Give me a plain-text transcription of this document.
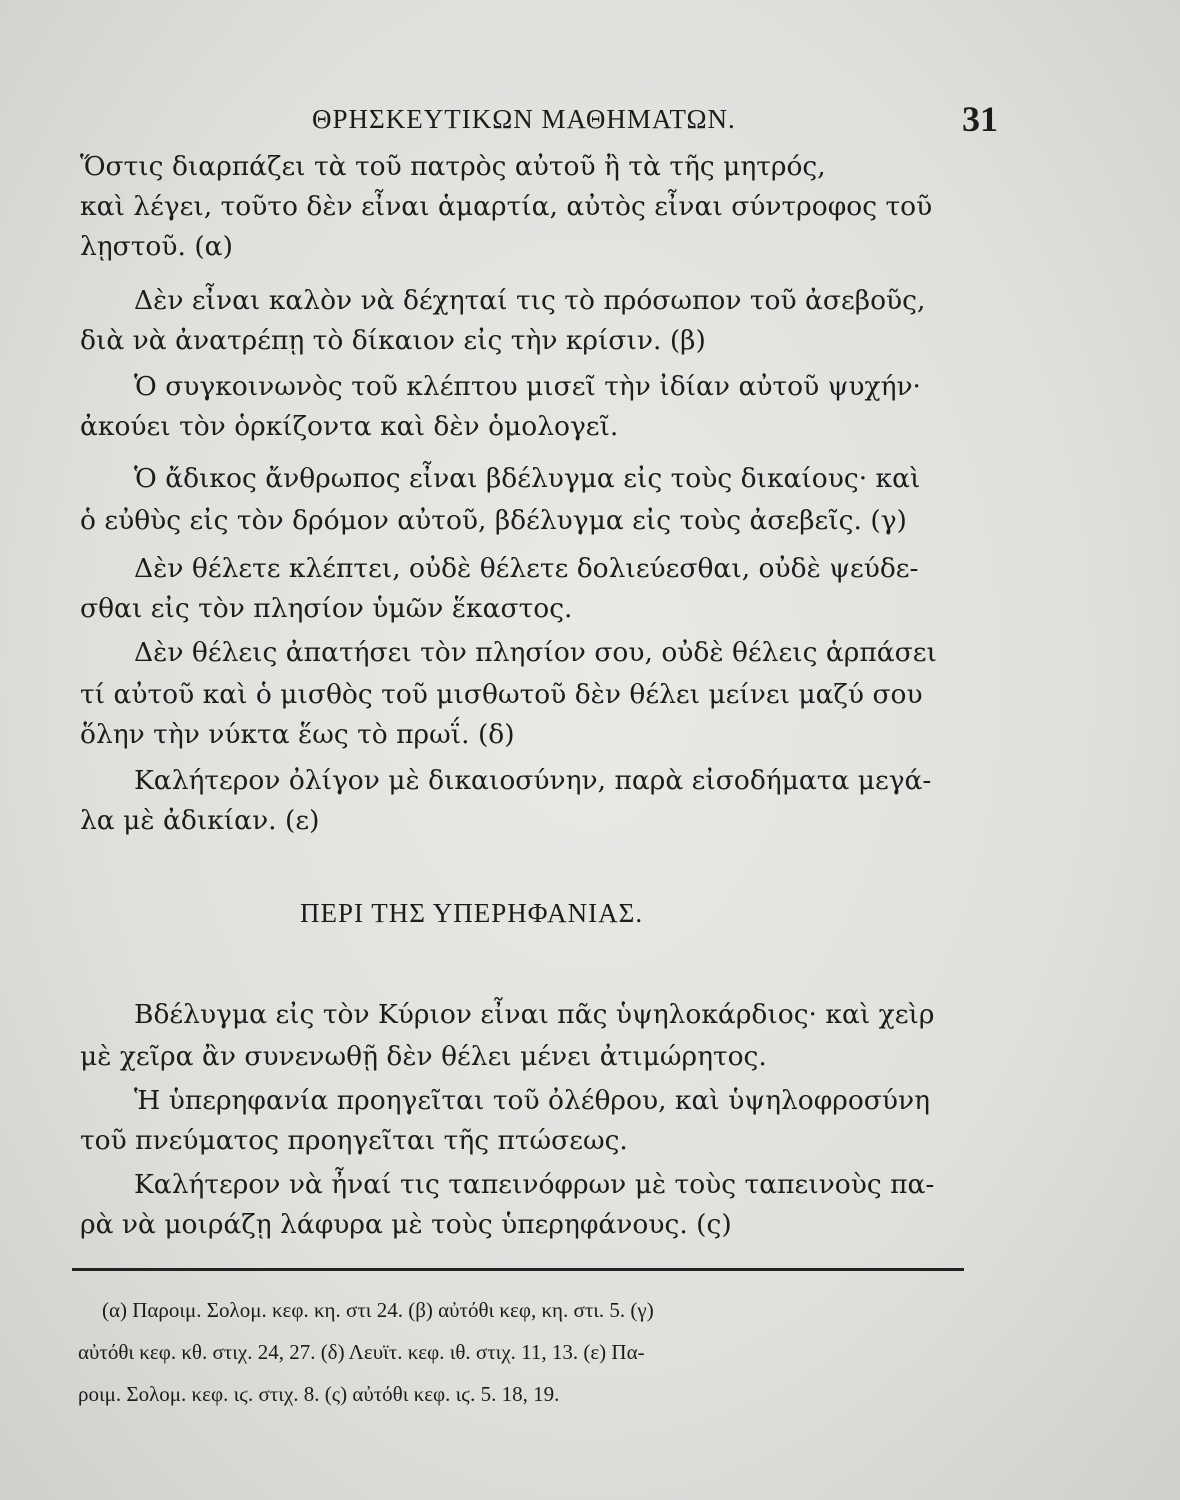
ΘΡΗΣΚΕΥΤΙΚΩΝ ΜΑΘΗΜΑΤΩΝ.	31
Ὅστις διαρπάζει τὰ τοῦ πατρὸς αὐτοῦ ἢ τὰ τῆς μητρός,
καὶ λέγει, τοῦτο δὲν εἶναι ἁμαρτία, αὐτὸς εἶναι σύντροφος τοῦ
λῃστοῦ. (α)
Δὲν εἶναι καλὸν νὰ δέχηταί τις τὸ πρόσωπον τοῦ ἀσεβοῦς,
διὰ νὰ ἀνατρέπῃ τὸ δίκαιον εἰς τὴν κρίσιν. (β)
Ὁ συγκοινωνὸς τοῦ κλέπτου μισεῖ τὴν ἰδίαν αὐτοῦ ψυχήν·
ἀκούει τὸν ὁρκίζοντα καὶ δὲν ὁμολογεῖ.
Ὁ ἄδικος ἄνθρωπος εἶναι βδέλυγμα εἰς τοὺς δικαίους· καὶ
ὁ εὐθὺς εἰς τὸν δρόμον αὐτοῦ, βδέλυγμα εἰς τοὺς ἀσεβεῖς. (γ)
Δὲν θέλετε κλέπτει, οὐδὲ θέλετε δολιεύεσθαι, οὐδὲ ψεύδε-
σθαι εἰς τὸν πλησίον ὑμῶν ἕκαστος.
Δὲν θέλεις ἀπατήσει τὸν πλησίον σου, οὐδὲ θέλεις ἁρπάσει
τί αὐτοῦ καὶ ὁ μισθὸς τοῦ μισθωτοῦ δὲν θέλει μείνει μαζύ σου
ὅλην τὴν νύκτα ἕως τὸ πρωΐ. (δ)
Καλήτερον ὀλίγον μὲ δικαιοσύνην, παρὰ εἰσοδήματα μεγά-
λα μὲ ἀδικίαν. (ε)
ΠΕΡΙ ΤΗΣ ΥΠΕΡΗΦΑΝΙΑΣ.
Βδέλυγμα εἰς τὸν Κύριον εἶναι πᾶς ὑψηλοκάρδιος· καὶ χεὶρ
μὲ χεῖρα ἂν συνενωθῇ δὲν θέλει μένει ἀτιμώρητος.
Ἡ ὑπερηφανία προηγεῖται τοῦ ὀλέθρου, καὶ ὑψηλοφροσύνη
τοῦ πνεύματος προηγεῖται τῆς πτώσεως.
Καλήτερον νὰ ἦναί τις ταπεινόφρων μὲ τοὺς ταπεινοὺς πα-
ρὰ νὰ μοιράζῃ λάφυρα μὲ τοὺς ὑπερηφάνους. (ς)
(α) Παροιμ. Σολομ. κεφ. κη. στι 24. (β) αὐτόθι κεφ, κη. στι. 5. (γ)
αὐτόθι κεφ. κθ. στιχ. 24, 27. (δ) Λευϊτ. κεφ. ιθ. στιχ. 11, 13. (ε) Πα-
ροιμ. Σολομ. κεφ. ιϛ. στιχ. 8. (ς) αὐτόθι κεφ. ιϛ. 5. 18, 19.
